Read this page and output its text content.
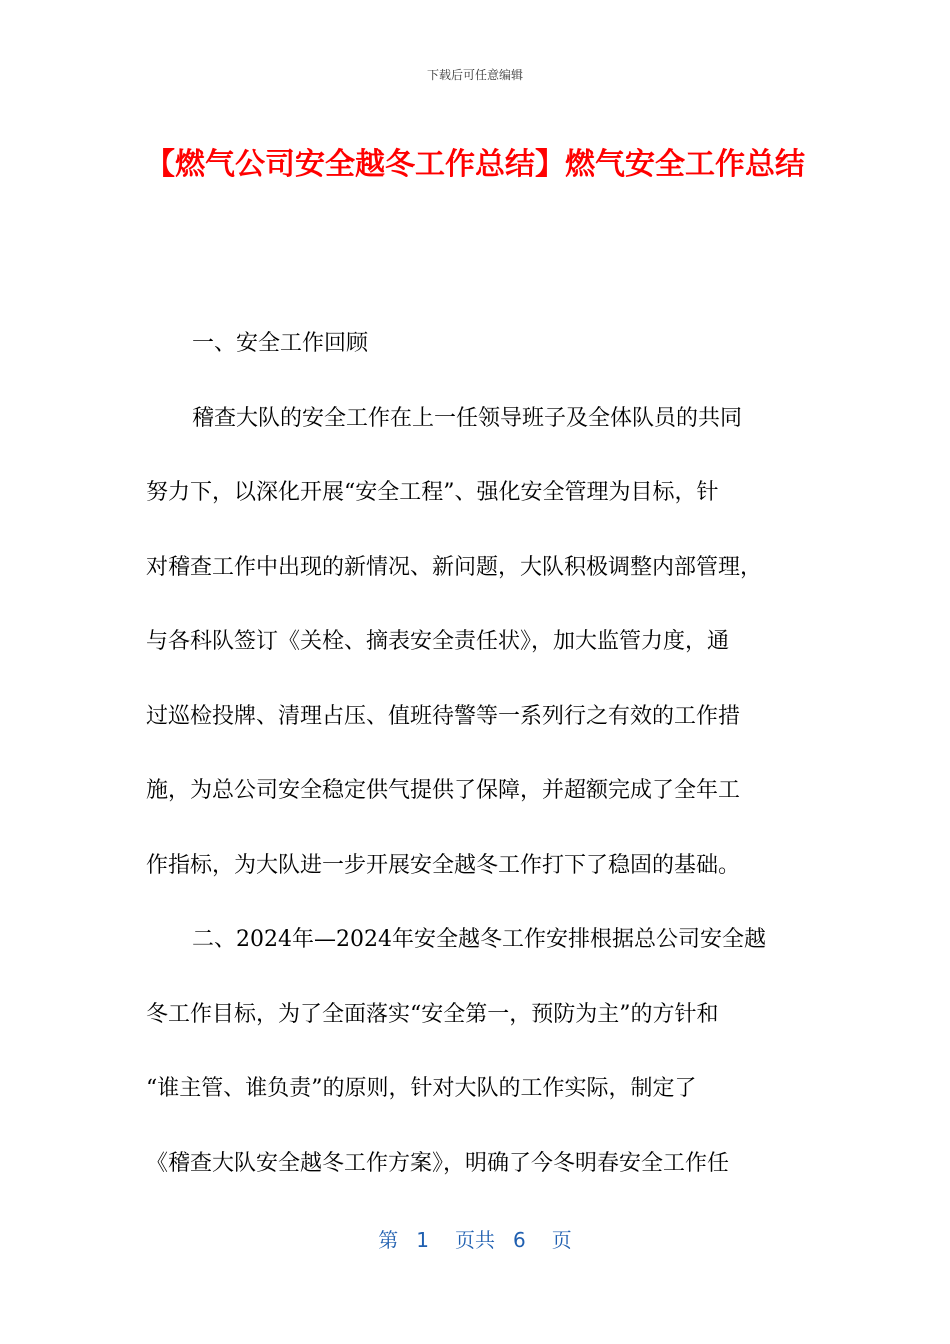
下载后可任意编辑
【燃气公司安全越冬工作总结】燃气安全工作总结
一、安全工作回顾
稽查大队的安全工作在上一任领导班子及全体队员的共同
努力下，以深化开展“安全工程”、强化安全管理为目标，针
对稽查工作中出现的新情况、新问题，大队积极调整内部管理，
与各科队签订《关栓、摘表安全责任状》，加大监管力度，通
过巡检投牌、清理占压、值班待警等一系列行之有效的工作措
施，为总公司安全稳定供气提供了保障，并超额完成了全年工
作指标，为大队进一步开展安全越冬工作打下了稳固的基础。
二、2024年—2024年安全越冬工作安排根据总公司安全越
冬工作目标，为了全面落实“安全第一，预防为主”的方针和
“谁主管、谁负责”的原则，针对大队的工作实际，制定了
《稽查大队安全越冬工作方案》，明确了今冬明春安全工作任
第 1 页共 6 页
